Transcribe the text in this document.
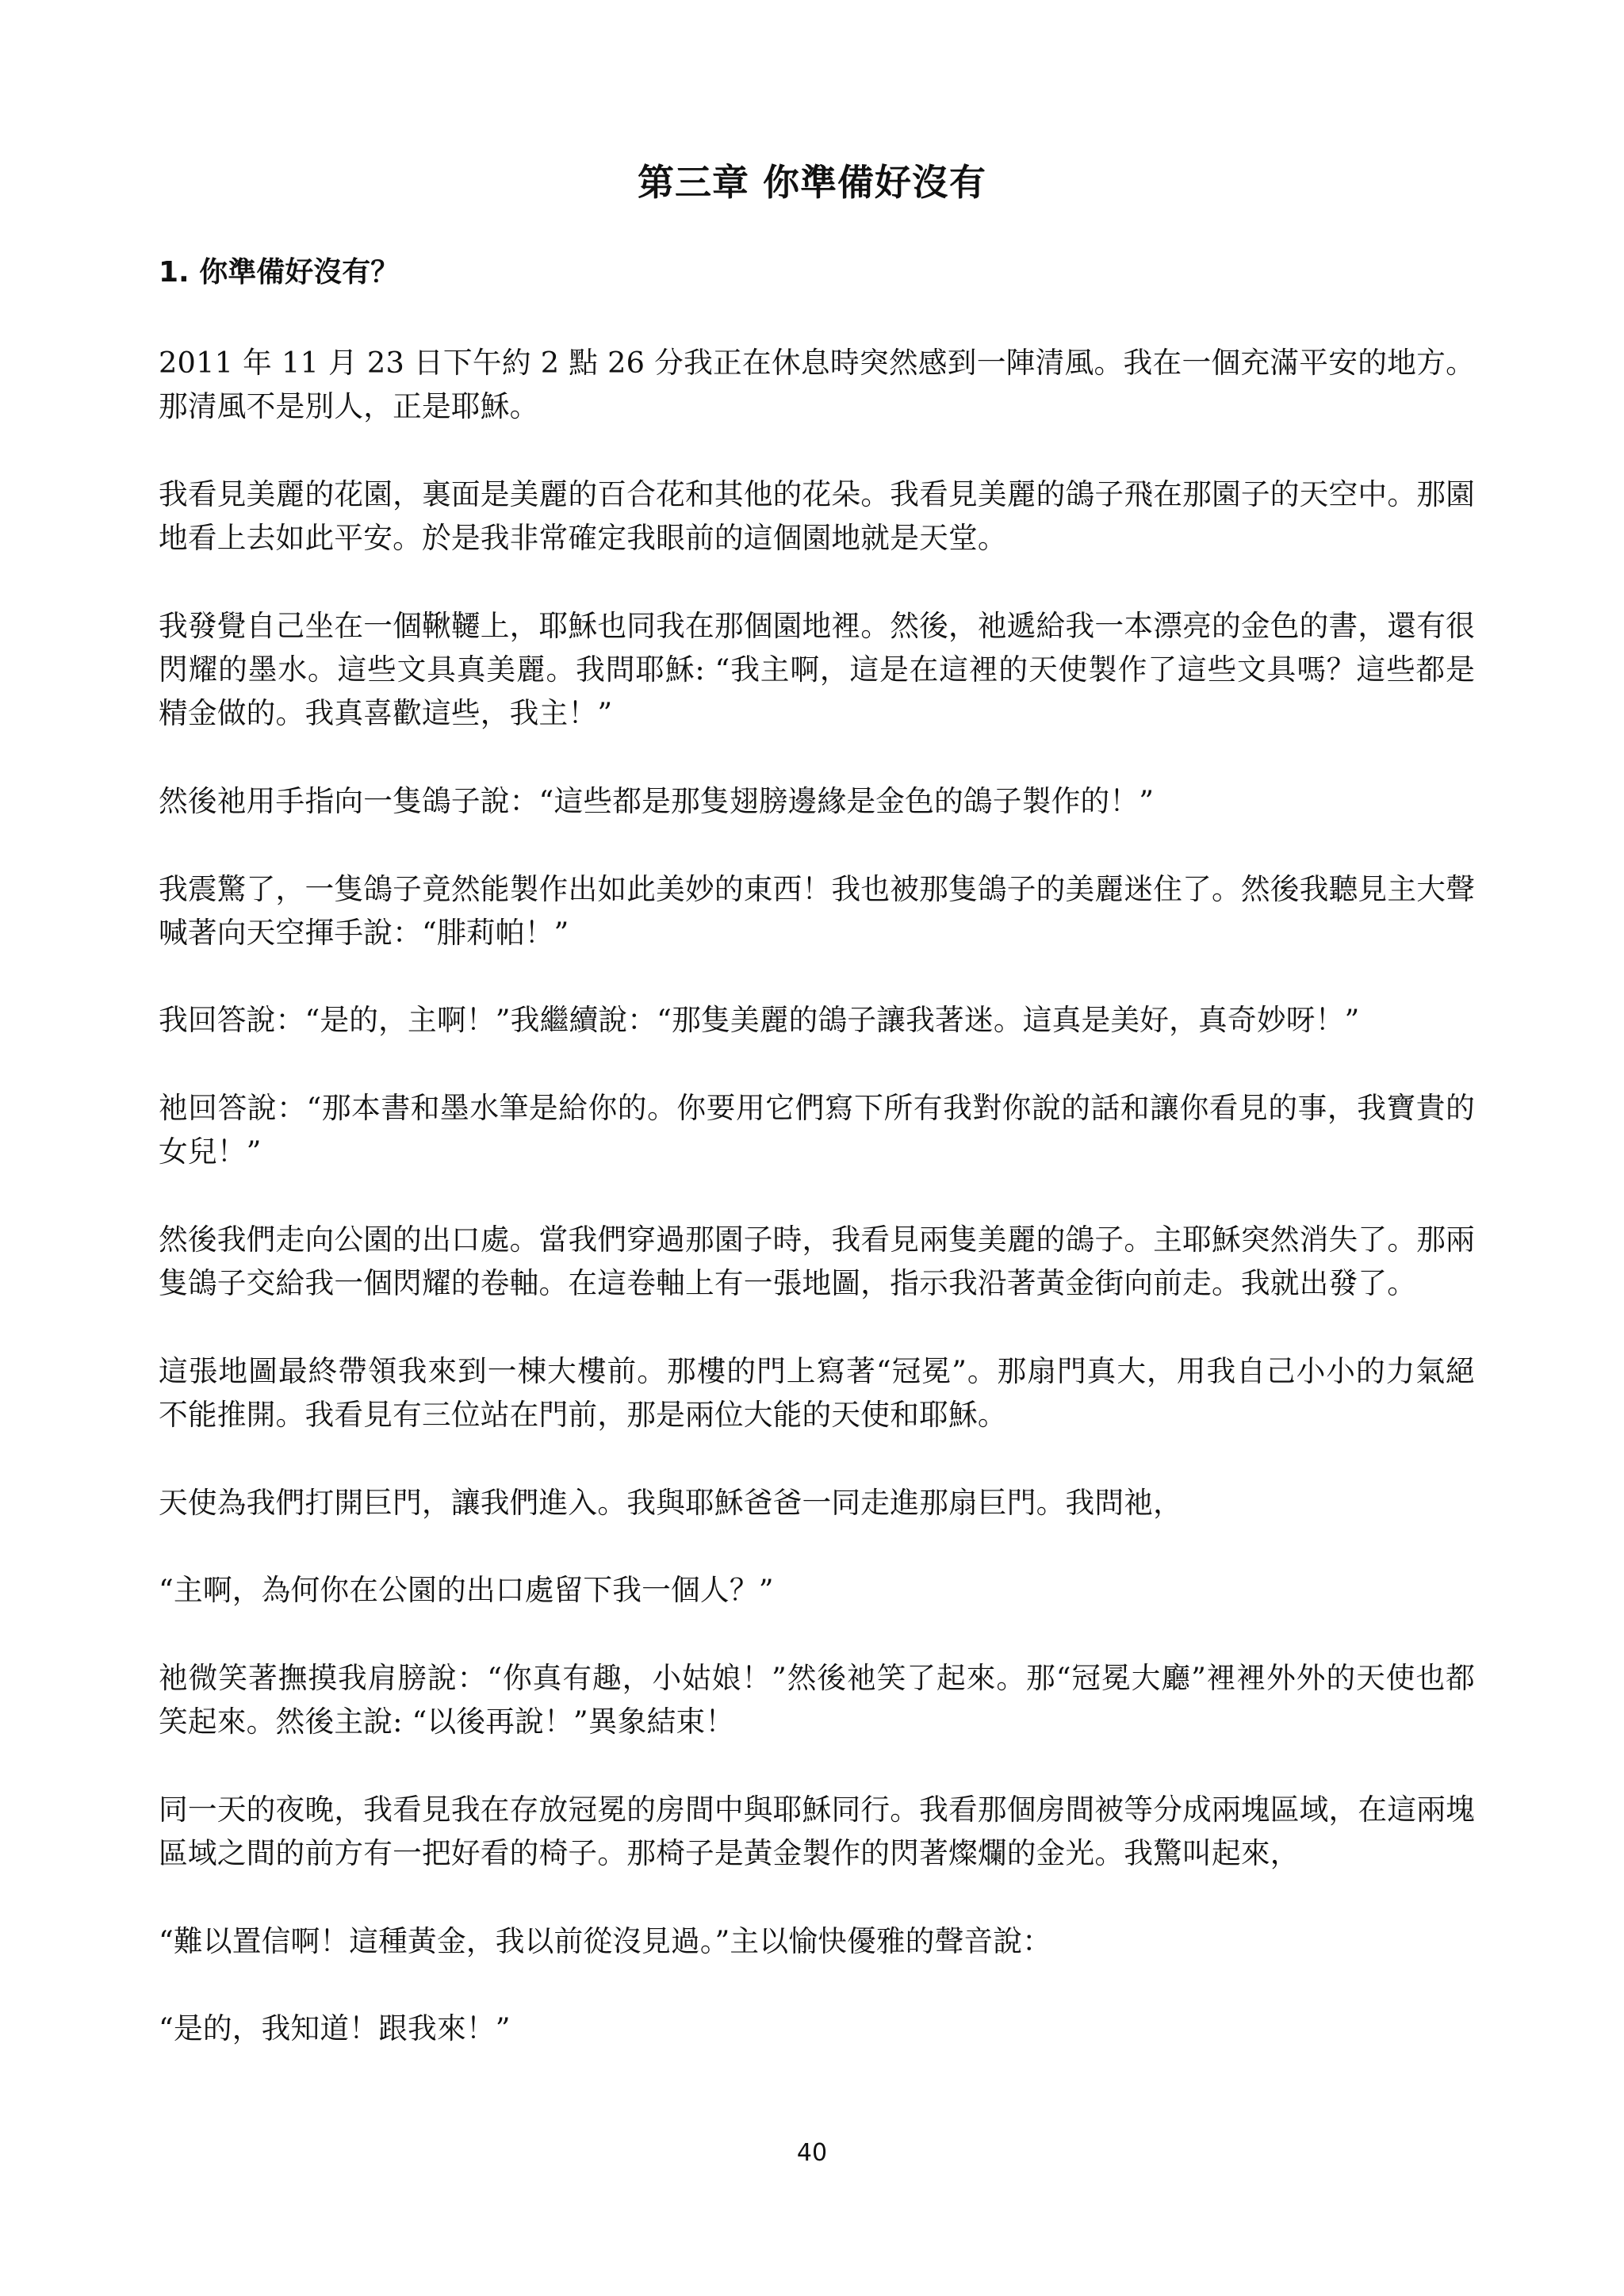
第三章 你準備好沒有
1. 你準備好沒有？

2011 年 11 月 23 日下午約 2 點 26 分我正在休息時突然感到一陣清風。我在一個充滿平安的地方。那清風不是別人，正是耶穌。

我看見美麗的花園，裏面是美麗的百合花和其他的花朵。我看見美麗的鴿子飛在那園子的天空中。那園地看上去如此平安。於是我非常確定我眼前的這個園地就是天堂。

我發覺自己坐在一個鞦韆上，耶穌也同我在那個園地裡。然後，祂遞給我一本漂亮的金色的書，還有很閃耀的墨水。這些文具真美麗。我問耶穌: “我主啊，這是在這裡的天使製作了這些文具嗎？這些都是精金做的。我真喜歡這些，我主！”

然後祂用手指向一隻鴿子說：“這些都是那隻翅膀邊緣是金色的鴿子製作的！”

我震驚了，一隻鴿子竟然能製作出如此美妙的東西！我也被那隻鴿子的美麗迷住了。然後我聽見主大聲喊著向天空揮手說：“腓莉帕！”

我回答說：“是的，主啊！”我繼續說：“那隻美麗的鴿子讓我著迷。這真是美好，真奇妙呀！”

祂回答說：“那本書和墨水筆是給你的。你要用它們寫下所有我對你說的話和讓你看見的事，我寶貴的女兒！”

然後我們走向公園的出口處。當我們穿過那園子時，我看見兩隻美麗的鴿子。主耶穌突然消失了。那兩隻鴿子交給我一個閃耀的卷軸。在這卷軸上有一張地圖，指示我沿著黃金街向前走。我就出發了。

這張地圖最終帶領我來到一棟大樓前。那樓的門上寫著“冠冕”。那扇門真大，用我自己小小的力氣絕不能推開。我看見有三位站在門前，那是兩位大能的天使和耶穌。

天使為我們打開巨門，讓我們進入。我與耶穌爸爸一同走進那扇巨門。我問祂，

“主啊，為何你在公園的出口處留下我一個人？”

祂微笑著撫摸我肩膀說：“你真有趣，小姑娘！”然後祂笑了起來。那“冠冕大廳”裡裡外外的天使也都笑起來。然後主說: “以後再說！”異象結束！

同一天的夜晚，我看見我在存放冠冕的房間中與耶穌同行。我看那個房間被等分成兩塊區域，在這兩塊區域之間的前方有一把好看的椅子。那椅子是黃金製作的閃著燦爛的金光。我驚叫起來，

“難以置信啊！這種黃金，我以前從沒見過。”主以愉快優雅的聲音說：

“是的，我知道！跟我來！”

40
